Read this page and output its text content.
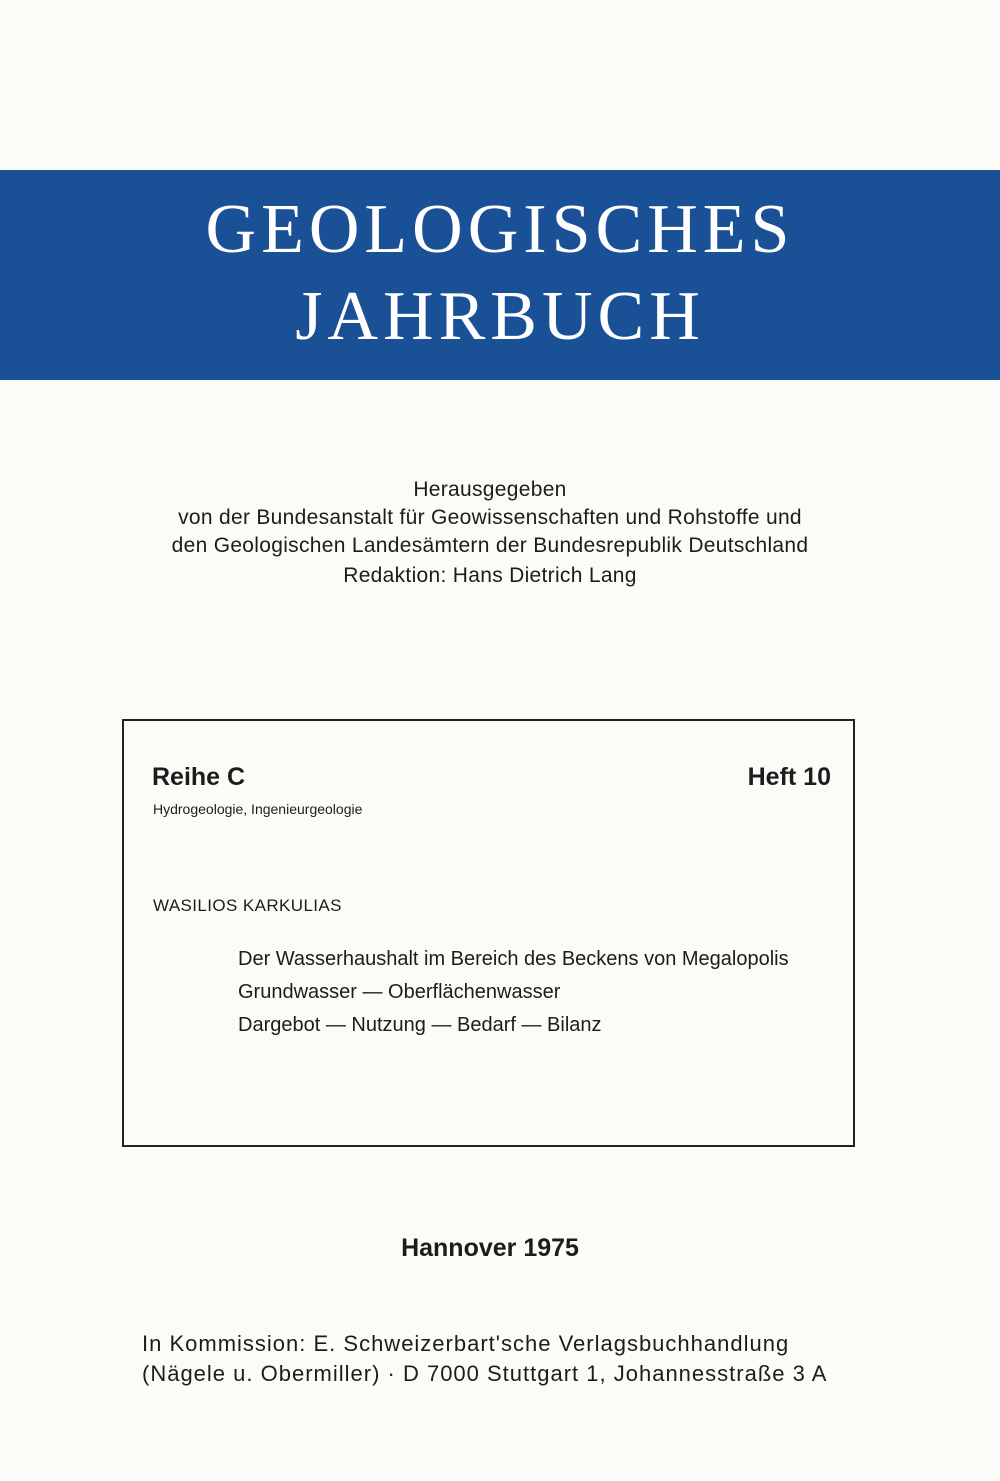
GEOLOGISCHES
JAHRBUCH
Herausgegeben
von der Bundesanstalt für Geowissenschaften und Rohstoffe und
den Geologischen Landesämtern der Bundesrepublik Deutschland
Redaktion: Hans Dietrich Lang
Reihe C

Hydrogeologie, Ingenieurgeologie

Heft 10

WASILIOS KARKULIAS

Der Wasserhaushalt im Bereich des Beckens von Megalopolis
Grundwasser — Oberflächenwasser
Dargebot — Nutzung — Bedarf — Bilanz

Hannover 1975

In Kommission: E. Schweizerbart'sche Verlagsbuchhandlung
(Nägele u. Obermiller) · D 7000 Stuttgart 1, Johannesstraße 3 A
